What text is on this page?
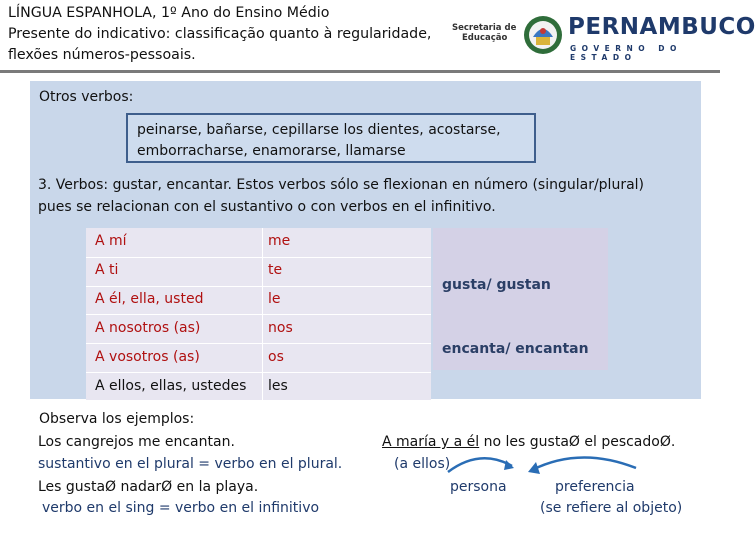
LÍNGUA ESPANHOLA, 1º Ano do Ensino Médio
Presente do indicativo: classificação quanto à regularidade,
flexões números-pessoais.
Secretaria de
Educação	PERNAMBUCO
GOVERNO DO ESTADO
Otros verbos:
peinarse, bañarse, cepillarse los dientes, acostarse,
emborracharse, enamorarse, llamarse
3. Verbos: gustar, encantar. Estos verbos sólo se flexionan en número (singular/plural)
pues se relacionan con el sustantivo o con verbos en el infinitivo.
A mí	me
A ti	te
A él, ella, usted	le
A nosotros (as)	nos
A vosotros (as)	os
A ellos, ellas, ustedes les
gusta/ gustan
encanta/ encantan
Observa los ejemplos:
Los cangrejos me encantan.
sustantivo en el plural = verbo en el plural.
Les gustaØ nadarØ en la playa.
verbo en el sing = verbo en el infinitivo
A maría y a él no les gustaØ el pescadoØ.
(a ellos)
persona	preferencia
(se refiere al objeto)
